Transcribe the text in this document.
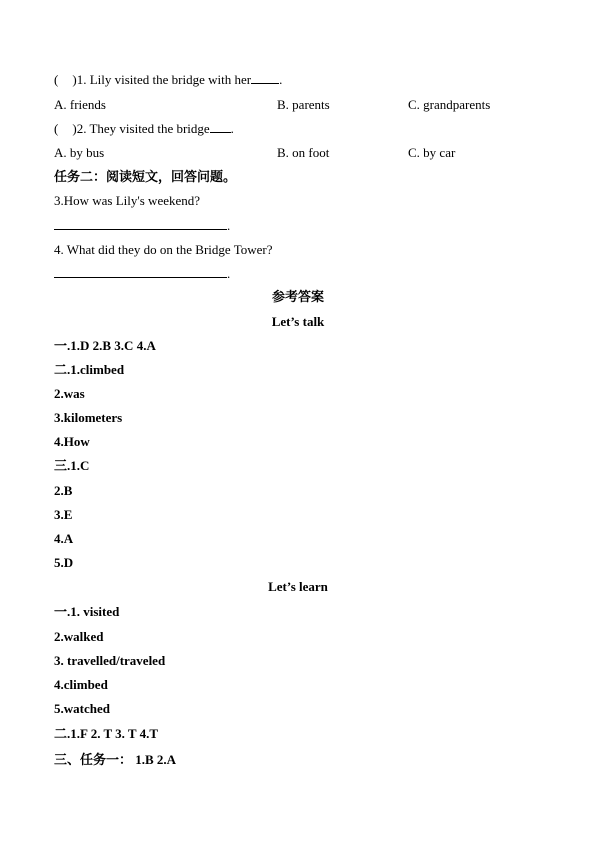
( )1. Lily visited the bridge with her .
A. friends	B. parents	C. grandparents
( )2. They visited the bridge .
A. by bus	B. on foot	C. by car
任务二：阅读短文，回答问题。
3.How was Lily's weekend?
.
4. What did they do on the Bridge Tower?
.
参考答案
Let’s talk
一.1.D 2.B 3.C 4.A
二.1.climbed
2.was
3.kilometers
4.How
三.1.C
2.B
3.E
4.A
5.D
Let’s learn
一.1. visited
2.walked
3. travelled/traveled
4.climbed
5.watched
二.1.F 2. T 3. T 4.T
三、任务一： 1.B 2.A
